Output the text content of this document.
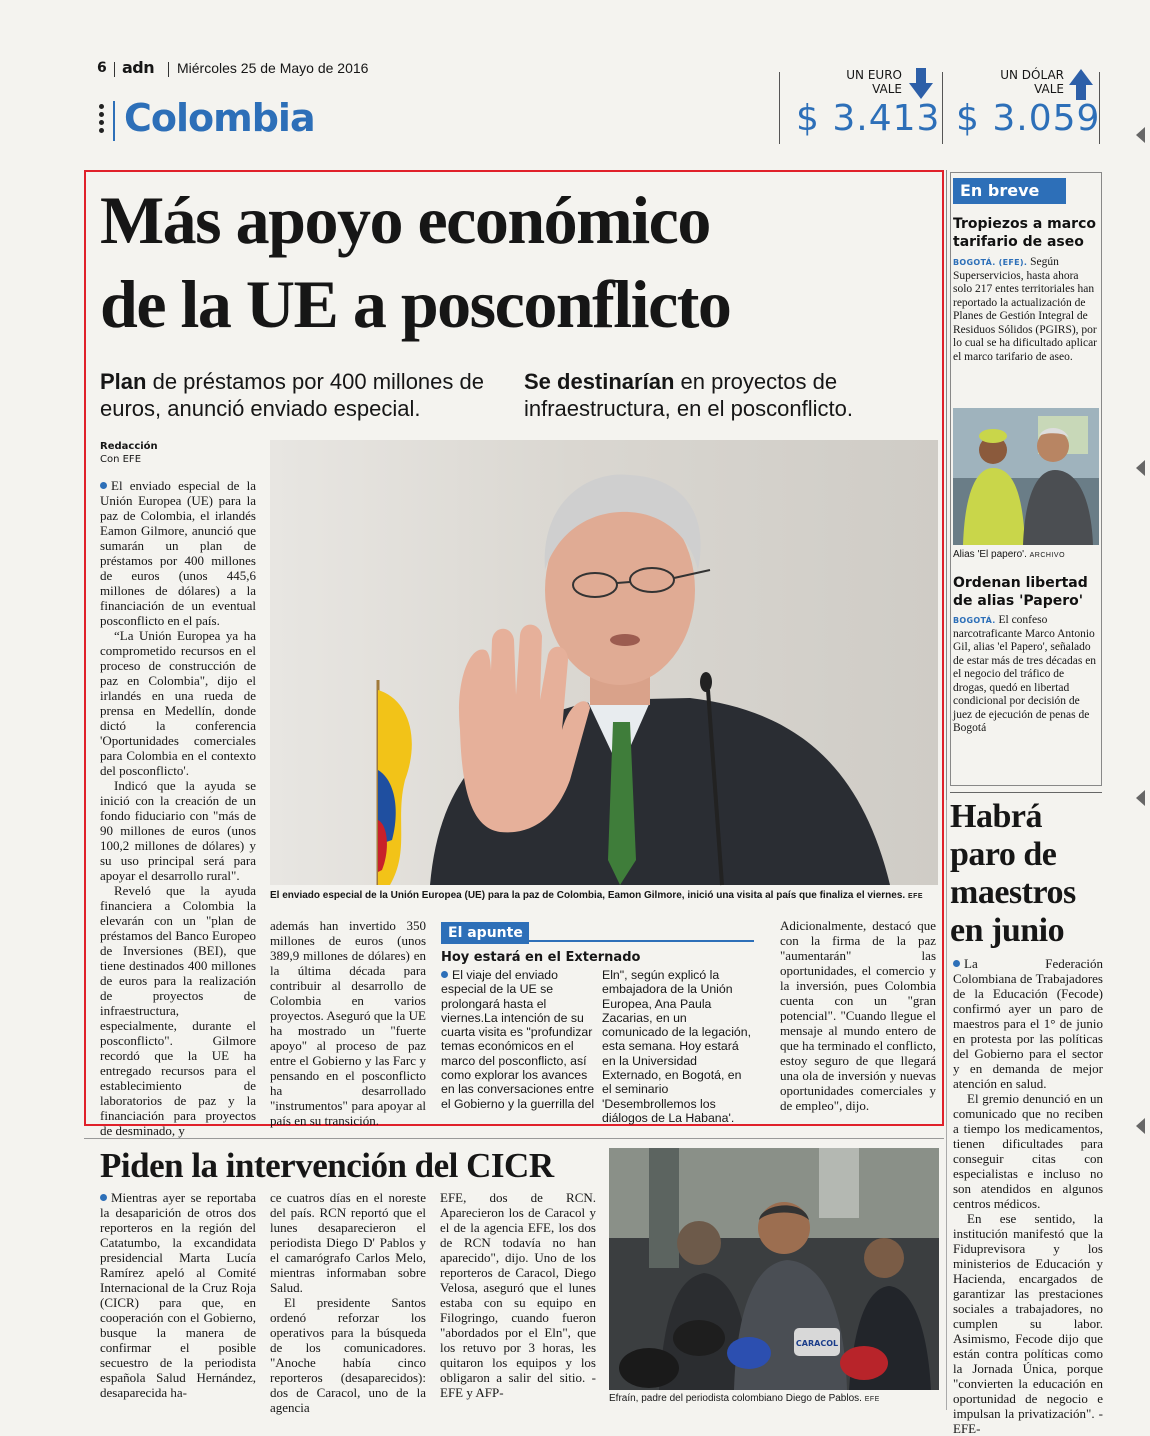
6 adn Miércoles 25 de Mayo de 2016
Colombia
UN EURO
VALE
$ 3.413
UN DÓLAR
VALE
$ 3.059
Más apoyo económico
de la UE a posconflicto
Plan de préstamos por 400 millones de euros, anunció enviado especial.
Se destinarían en proyectos de infraestructura, en el posconflicto.
Redacción
Con EFE

El enviado especial de la Unión Europea (UE) para la paz de Colombia, el irlandés Eamon Gilmore, anunció que sumarán un plan de préstamos por 400 millones de euros (unos 445,6 millones de dólares) a la financiación de un eventual posconflicto en el país.

“La Unión Europea ya ha comprometido recursos en el proceso de construcción de paz en Colombia", dijo el irlandés en una rueda de prensa en Medellín, donde dictó la conferencia 'Oportunidades comerciales para Colombia en el contexto del posconflicto'.

Indicó que la ayuda se inició con la creación de un fondo fiduciario con "más de 90 millones de euros (unos 100,2 millones de dólares) y su uso principal será para apoyar el desarrollo rural".

Reveló que la ayuda financiera a Colombia la elevarán con un "plan de préstamos del Banco Europeo de Inversiones (BEI), que tiene destinados 400 millones de euros para la realización de proyectos de infraestructura, especialmente, durante el posconflicto". Gilmore recordó que la UE ha entregado recursos para el establecimiento de laboratorios de paz y la financiación para proyectos de desminado, y

El enviado especial de la Unión Europea (UE) para la paz de Colombia, Eamon Gilmore, inició una visita al país que finaliza el viernes. EFE

además han invertido 350 millones de euros (unos 389,9 millones de dólares) en la última década para contribuir al desarrollo de Colombia en varios proyectos. Aseguró que la UE ha mostrado un "fuerte apoyo" al proceso de paz entre el Gobierno y las Farc y pensando en el posconflicto ha desarrollado "instrumentos" para apoyar al país en su transición.

El apunte
Hoy estará en el Externado
El viaje del enviado especial de la UE se prolongará hasta el viernes.La intención de su cuarta visita es "profundizar temas económicos en el marco del posconflicto, así como explorar los avances en las conversaciones entre el Gobierno y la guerrilla del
Eln", según explicó la embajadora de la Unión Europea, Ana Paula Zacarias, en un comunicado de la legación, esta semana. Hoy estará en la Universidad Externado, en Bogotá, en el seminario 'Desembrollemos los diálogos de La Habana'.

Adicionalmente, destacó que con la firma de la paz "aumentarán" las oportunidades, el comercio y la inversión, pues Colombia cuenta con un "gran potencial". "Cuando llegue el mensaje al mundo entero de que ha terminado el conflicto, estoy seguro de que llegará una ola de inversión y nuevas oportunidades comerciales y de empleo", dijo.

En breve
Tropiezos a marco tarifario de aseo
BOGOTÁ. (EFE). Según Superservicios, hasta ahora solo 217 entes territoriales han reportado la actualización de Planes de Gestión Integral de Residuos Sólidos (PGIRS), por lo cual se ha dificultado aplicar el marco tarifario de aseo.
Alias 'El papero'. ARCHIVO
Ordenan libertad de alias 'Papero'
BOGOTÁ. El confeso narcotraficante Marco Antonio Gil, alias 'el Papero', señalado de estar más de tres décadas en el negocio del tráfico de drogas, quedó en libertad condicional por decisión de juez de ejecución de penas de Bogotá
Habrá
paro de
maestros
en junio

La Federación Colombiana de Trabajadores de la Educación (Fecode) confirmó ayer un paro de maestros para el 1° de junio en protesta por las políticas del Gobierno para el sector y en demanda de mejor atención en salud.

El gremio denunció en un comunicado que no reciben a tiempo los medicamentos, tienen dificultades para conseguir citas con especialistas e incluso no son atendidos en algunos centros médicos.

En ese sentido, la institución manifestó que la Fiduprevisora y los ministerios de Educación y Hacienda, encargados de garantizar las prestaciones sociales a trabajadores, no cumplen su labor. Asimismo, Fecode dijo que están contra políticas como la Jornada Única, porque "convierten la educación en oportunidad de negocio e impulsan la privatización". -EFE-

Piden la intervención del CICR

Mientras ayer se reportaba la desaparición de otros dos reporteros en la región del Catatumbo, la excandidata presidencial Marta Lucía Ramírez apeló al Comité Internacional de la Cruz Roja (CICR) para que, en cooperación con el Gobierno, busque la manera de confirmar el posible secuestro de la periodista española Salud Hernández, desaparecida ha-

ce cuatros días en el noreste del país. RCN reportó que el lunes desaparecieron el periodista Diego D' Pablos y el camarógrafo Carlos Melo, mientras informaban sobre Salud.

El presidente Santos ordenó reforzar los operativos para la búsqueda de los comunicadores. "Anoche había cinco reporteros (desaparecidos): dos de Caracol, uno de la agencia

EFE, dos de RCN. Aparecieron los de Caracol y el de la agencia EFE, los dos de RCN todavía no han aparecido", dijo. Uno de los reporteros de Caracol, Diego Velosa, aseguró que el lunes estaba con su equipo en Filogringo, cuando fueron "abordados por el Eln", que los retuvo por 3 horas, les quitaron los equipos y los obligaron a salir del sitio. -EFE y AFP-

CARACOL
Efraín, padre del periodista colombiano Diego de Pablos. EFE
